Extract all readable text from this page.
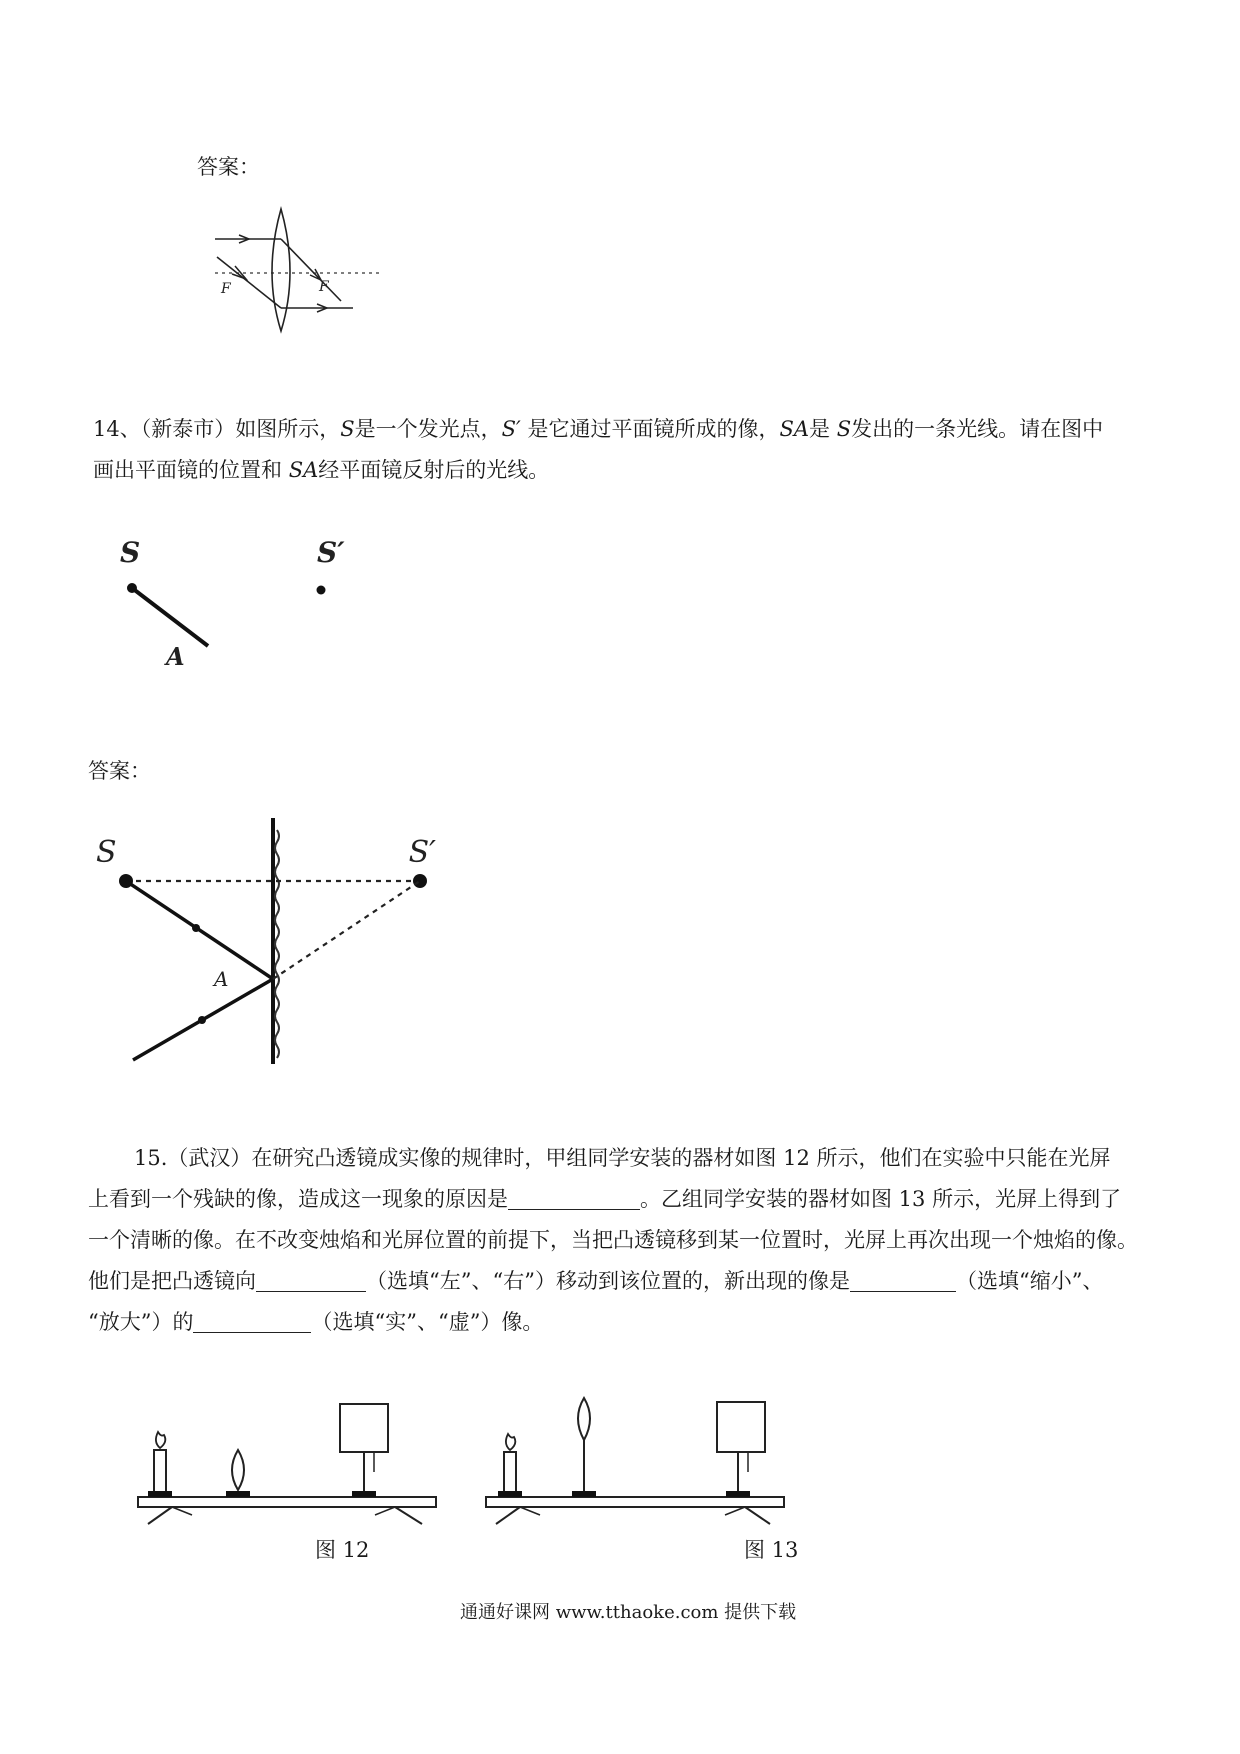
答案：
F	F
14、（新泰市）如图所示，S是一个发光点，S′ 是它通过平面镜所成的像，SA是 S发出的一条光线。请在图中
画出平面镜的位置和 SA经平面镜反射后的光线。
S
A
S′
答案：
S	S′
A
15.（武汉）在研究凸透镜成实像的规律时，甲组同学安装的器材如图 12 所示，他们在实验中只能在光屏
上看到一个残缺的像，造成这一现象的原因是	。乙组同学安装的器材如图 13 所示，光屏上得到了
一个清晰的像。在不改变烛焰和光屏位置的前提下，当把凸透镜移到某一位置时，光屏上再次出现一个烛焰的像。
他们是把凸透镜向	（选填“左”、“右”）移动到该位置的，新出现的像是	（选填“缩小”、
“放大”）的	（选填“实”、“虚”）像。
图 12	图 13
通通好课网 www.tthaoke.com 提供下载
